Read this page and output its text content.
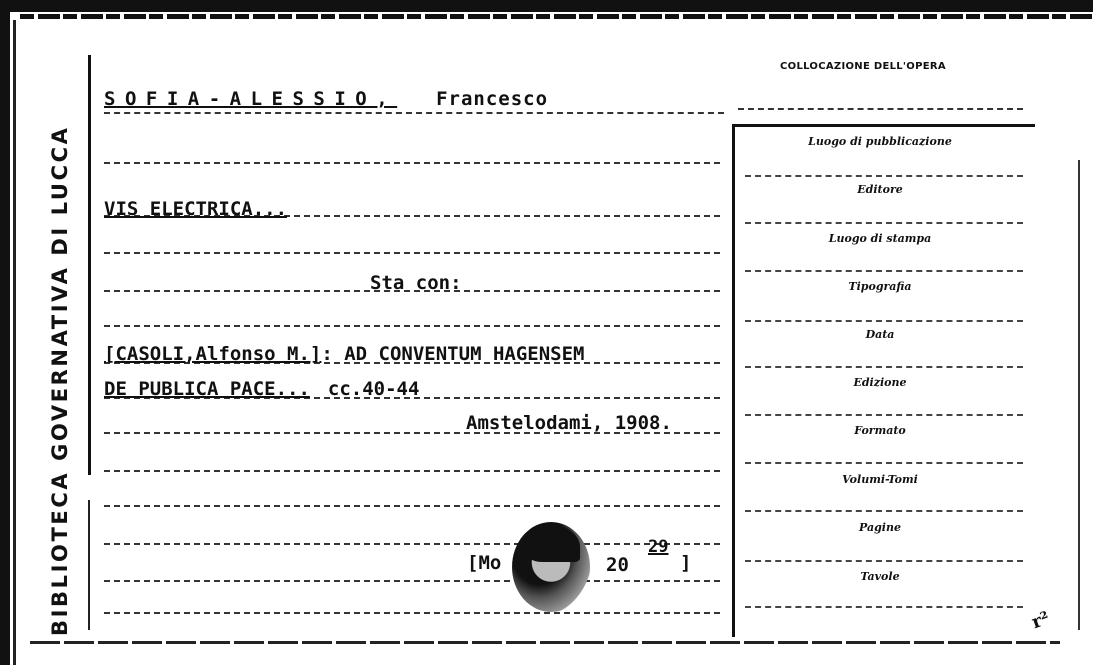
BIBLIOTECA GOVERNATIVA DI LUCCA
SOFIA-ALESSIO, Francesco
VIS ELECTRICA...
Sta con:
[CASOLI,Alfonso M.]: AD CONVENTUM HAGENSEM
DE PUBLICA PACE... cc.40-44
Amstelodami, 1908.
[Mo	20
29
]
COLLOCAZIONE DELL'OPERA
Luogo di pubblicazione
Editore
Luogo di stampa
Tipografia
Data
Edizione
Formato
Volumi-Tomi
Pagine
Tavole
r²
